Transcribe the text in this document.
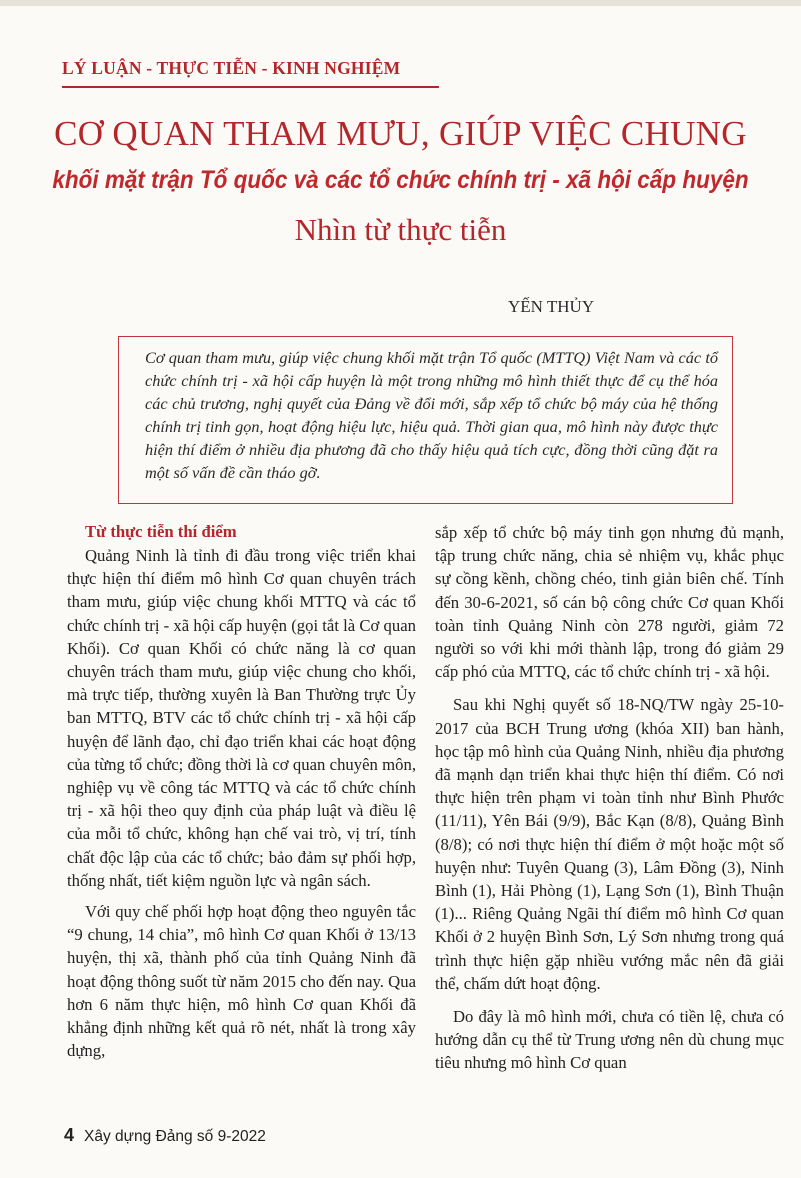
LÝ LUẬN - THỰC TIỄN - KINH NGHIỆM
CƠ QUAN THAM MƯU, GIÚP VIỆC CHUNG
khối mặt trận Tổ quốc và các tổ chức chính trị - xã hội cấp huyện
Nhìn từ thực tiễn
YẾN THỦY
Cơ quan tham mưu, giúp việc chung khối mặt trận Tổ quốc (MTTQ) Việt Nam và các tổ chức chính trị - xã hội cấp huyện là một trong những mô hình thiết thực để cụ thể hóa các chủ trương, nghị quyết của Đảng về đổi mới, sắp xếp tổ chức bộ máy của hệ thống chính trị tinh gọn, hoạt động hiệu lực, hiệu quả. Thời gian qua, mô hình này được thực hiện thí điểm ở nhiều địa phương đã cho thấy hiệu quả tích cực, đồng thời cũng đặt ra một số vấn đề cần tháo gỡ.
Từ thực tiễn thí điểm

Quảng Ninh là tỉnh đi đầu trong việc triển khai thực hiện thí điểm mô hình Cơ quan chuyên trách tham mưu, giúp việc chung khối MTTQ và các tổ chức chính trị - xã hội cấp huyện (gọi tắt là Cơ quan Khối). Cơ quan Khối có chức năng là cơ quan chuyên trách tham mưu, giúp việc chung cho khối, mà trực tiếp, thường xuyên là Ban Thường trực Ủy ban MTTQ, BTV các tổ chức chính trị - xã hội cấp huyện để lãnh đạo, chỉ đạo triển khai các hoạt động của từng tổ chức; đồng thời là cơ quan chuyên môn, nghiệp vụ về công tác MTTQ và các tổ chức chính trị - xã hội theo quy định của pháp luật và điều lệ của mỗi tổ chức, không hạn chế vai trò, vị trí, tính chất độc lập của các tổ chức; bảo đảm sự phối hợp, thống nhất, tiết kiệm nguồn lực và ngân sách.

Với quy chế phối hợp hoạt động theo nguyên tắc “9 chung, 14 chia”, mô hình Cơ quan Khối ở 13/13 huyện, thị xã, thành phố của tỉnh Quảng Ninh đã hoạt động thông suốt từ năm 2015 cho đến nay. Qua hơn 6 năm thực hiện, mô hình Cơ quan Khối đã khẳng định những kết quả rõ nét, nhất là trong xây dựng,

sắp xếp tổ chức bộ máy tinh gọn nhưng đủ mạnh, tập trung chức năng, chia sẻ nhiệm vụ, khắc phục sự cồng kềnh, chồng chéo, tinh giản biên chế. Tính đến 30-6-2021, số cán bộ công chức Cơ quan Khối toàn tỉnh Quảng Ninh còn 278 người, giảm 72 người so với khi mới thành lập, trong đó giảm 29 cấp phó của MTTQ, các tổ chức chính trị - xã hội.

Sau khi Nghị quyết số 18-NQ/TW ngày 25-10-2017 của BCH Trung ương (khóa XII) ban hành, học tập mô hình của Quảng Ninh, nhiều địa phương đã mạnh dạn triển khai thực hiện thí điểm. Có nơi thực hiện trên phạm vi toàn tỉnh như Bình Phước (11/11), Yên Bái (9/9), Bắc Kạn (8/8), Quảng Bình (8/8); có nơi thực hiện thí điểm ở một hoặc một số huyện như: Tuyên Quang (3), Lâm Đồng (3), Ninh Bình (1), Hải Phòng (1), Lạng Sơn (1), Bình Thuận (1)... Riêng Quảng Ngãi thí điểm mô hình Cơ quan Khối ở 2 huyện Bình Sơn, Lý Sơn nhưng trong quá trình thực hiện gặp nhiều vướng mắc nên đã giải thể, chấm dứt hoạt động.

Do đây là mô hình mới, chưa có tiền lệ, chưa có hướng dẫn cụ thể từ Trung ương nên dù chung mục tiêu nhưng mô hình Cơ quan

4 Xây dựng Đảng số 9-2022
